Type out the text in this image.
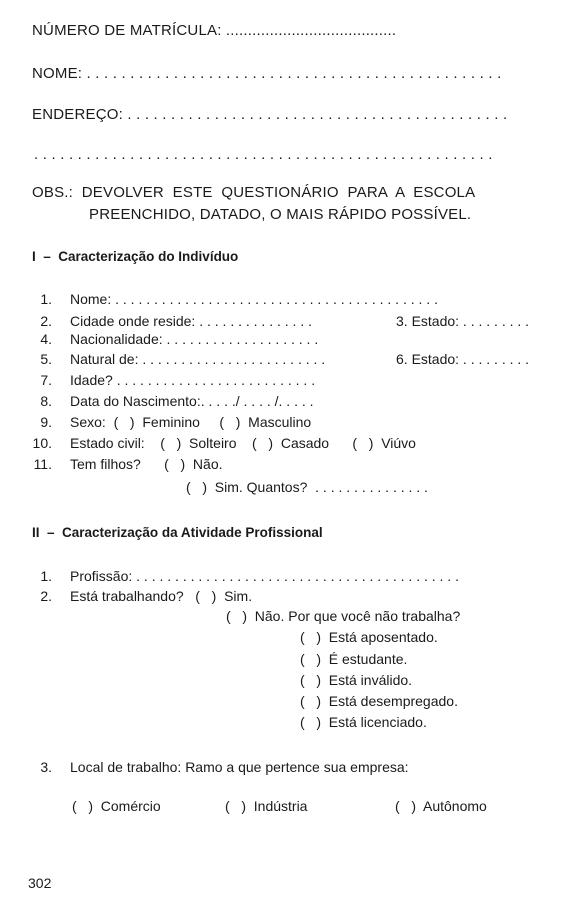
NÚMERO DE MATRÍCULA: .......................................
NOME: . . . . . . . . . . . . . . . . . . . . . . . . . . . . . . . . . . . . . . . . . . . . . . . .
ENDEREÇO: . . . . . . . . . . . . . . . . . . . . . . . . . . . . . . . . . . . . . . . . . . . .
. . . . . . . . . . . . . . . . . . . . . . . . . . . . . . . . . . . . . . . . . . . . . . . . . . . . .
OBS.:  DEVOLVER  ESTE  QUESTIONÁRIO  PARA  A  ESCOLA
PREENCHIDO, DATADO, O MAIS RÁPIDO POSSÍVEL.
I  –  Caracterização do Indivíduo
1. Nome: . . . . . . . . . . . . . . . . . . . . . . . . . . . . . . . . . . . . . . . . . .
2. Cidade onde reside: . . . . . . . . . . . . . . .	3. Estado: . . . . . . . . .
4. Nacionalidade: . . . . . . . . . . . . . . . . . . . .
5. Natural de: . . . . . . . . . . . . . . . . . . . . . . . .	6. Estado: . . . . . . . . .
7. Idade? . . . . . . . . . . . . . . . . . . . . . . . . . .
8. Data do Nascimento:. . . . ./ . . . . /. . . . .
9. Sexo:  (   )  Feminino     (   )  Masculino
10. Estado civil:    (   )  Solteiro    (   )  Casado      (   )  Viúvo
11. Tem filhos?      (   )  Não.
(   )  Sim. Quantos?  . . . . . . . . . . . . . . .
II  –  Caracterização da Atividade Profissional
1. Profissão: . . . . . . . . . . . . . . . . . . . . . . . . . . . . . . . . . . . . . . . . . .
2. Está trabalhando?   (   )  Sim.
(   )  Não. Por que você não trabalha?
(   )  Está aposentado.
(   )  É estudante.
(   )  Está inválido.
(   )  Está desempregado.
(   )  Está licenciado.
3. Local de trabalho: Ramo a que pertence sua empresa:
(   )  Comércio	(   )  Indústria	(   )  Autônomo
302
